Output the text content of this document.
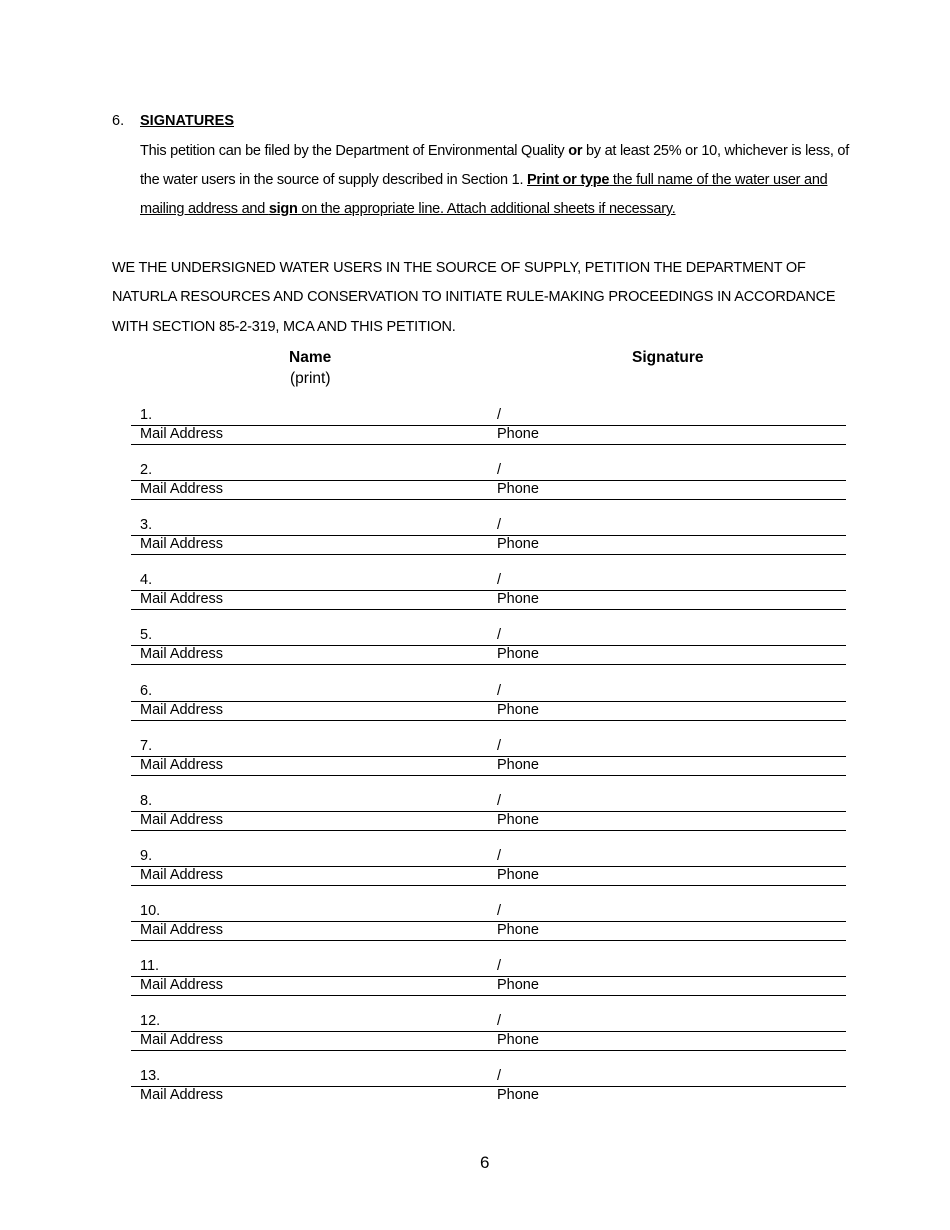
6. SIGNATURES
This petition can be filed by the Department of Environmental Quality or by at least 25% or 10, whichever is less, of
the water users in the source of supply described in Section 1. Print or type the full name of the water user and
mailing address and sign on the appropriate line. Attach additional sheets if necessary.
WE THE UNDERSIGNED WATER USERS IN THE SOURCE OF SUPPLY, PETITION THE DEPARTMENT OF
NATURLA RESOURCES AND CONSERVATION TO INITIATE RULE-MAKING PROCEEDINGS IN ACCORDANCE
WITH SECTION 85-2-319, MCA AND THIS PETITION.
Name
(print)
Signature
1.	/
Mail Address	Phone
2.	/
Mail Address	Phone
3.	/
Mail Address	Phone
4.	/
Mail Address	Phone
5.	/
Mail Address	Phone
6.	/
Mail Address	Phone
7.	/
Mail Address	Phone
8.	/
Mail Address	Phone
9.	/
Mail Address	Phone
10.	/
Mail Address	Phone
11.	/
Mail Address	Phone
12.	/
Mail Address	Phone
13.	/
Mail Address	Phone
6
